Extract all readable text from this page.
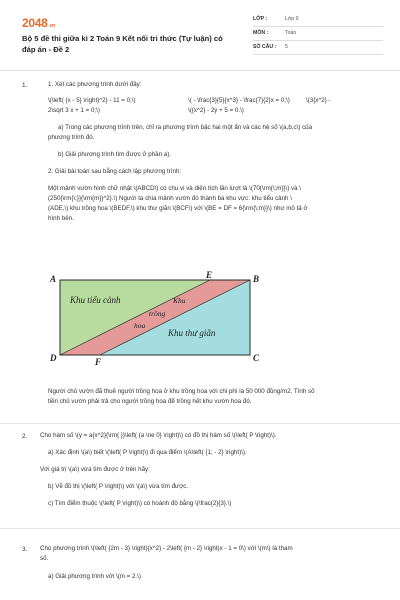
2048.vn
Bộ 5 đề thi giữa kì 2 Toán 9 Kết nối tri thức (Tự luận) có
đáp án - Đề 2
LỚP :	Lớp 9
MÔN :	Toán
SỐ CÂU :	5
1.	1. Xét các phương trình dưới đây:
\(\left( {x - 5} \right)^2} - 11 = 0;\)	\( - \frac{3}{5}{x^3} - \frac{7}{2}x = 0;\)	\(3{x^2} -
2\sqrt 3 x + 1 = 0;\)	\({x^2} - 2y + 5 = 0.\)
a) Trong các phương trình trên, chỉ ra phương trình bậc hai một ẩn và các hệ số \(a,b,c\) của
phương trình đó.
b) Giải phương trình tìm được ở phần a).
2. Giải bài toán sau bằng cách lập phương trình:
Một mảnh vườn hình chữ nhật \(ABCD\) có chu vi và diện tích lần lượt là \(70{\rm{\;m}}\) và \
(250{\rm{\;}}{\rm{m}}^2}.\) Người ta chia mảnh vườn đó thành ba khu vực: khu tiểu cảnh \
(ADE,\) khu trồng hoa \(BEDF,\) khu thư giãn \(BCF\) với \(BE = DF = 6{\rm{\;m}}\) như mô tả ở
hình bên.
A	B
C
D
E
F
Khu tiểu cảnh	Khu
trồng
hoa
Khu thư giãn
Người chủ vườn đã thuê người trồng hoa ở khu trồng hoa với chi phí là 50 000 đồng/m2. Tính số
tiền chủ vườn phải trả cho người trồng hoa để trồng hết khu vườn hoa đó.
2. Cho hàm số \(y = a{x^2}{\rm{ }}\left( {a \ne 0} \right)\) có đồ thị hàm số \(\left( P \right)\).
a) Xác định \(a\) biết \(\left( P \right)\) đi qua điểm \(A\left( {1; - 2} \right)\).
Với giá trị \(a\) vừa tìm được ở trên hãy:
b) Vẽ đồ thị \(\left( P \right)\) với \(a\) vừa tìm được.
c) Tìm điểm thuộc \(\left( P \right)\) có hoành độ bằng \(\frac{2}{3}.\)
3. Cho phương trình \(\left( {2m - 3} \right){x^2} - 2\left( {m - 2} \right)x - 1 = 0\) với \(m\) là tham
số.
a) Giải phương trình với \(m = 2.\)
